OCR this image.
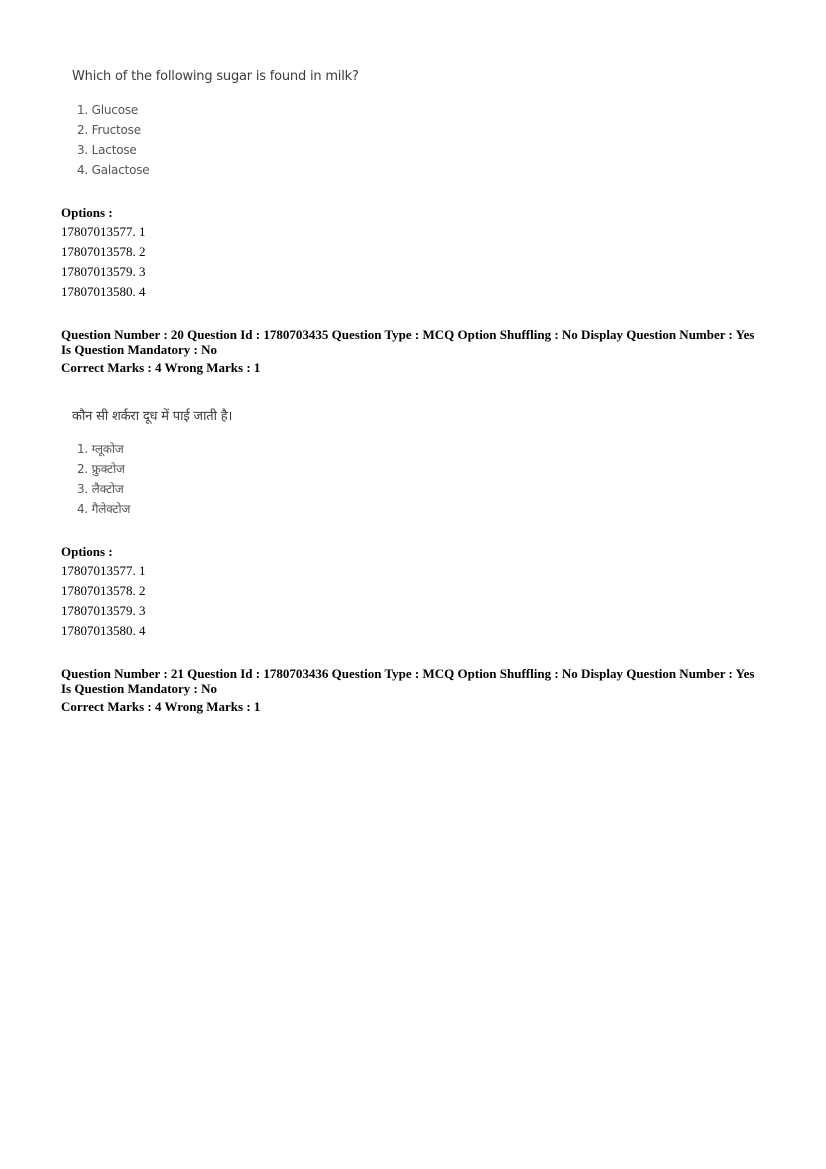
Which of the following sugar is found in milk?
1. Glucose
2. Fructose
3. Lactose
4. Galactose
Options :
17807013577. 1
17807013578. 2
17807013579. 3
17807013580. 4
Question Number : 20 Question Id : 1780703435 Question Type : MCQ Option Shuffling : No Display Question Number : Yes
Is Question Mandatory : No
Correct Marks : 4 Wrong Marks : 1
कौन सी शर्करा दूध में पाई जाती है।
1. ग्लूकोज
2. फ्रुक्टोज
3. लैक्टोज
4. गैलेक्टोज
Options :
17807013577. 1
17807013578. 2
17807013579. 3
17807013580. 4
Question Number : 21 Question Id : 1780703436 Question Type : MCQ Option Shuffling : No Display Question Number : Yes
Is Question Mandatory : No
Correct Marks : 4 Wrong Marks : 1
